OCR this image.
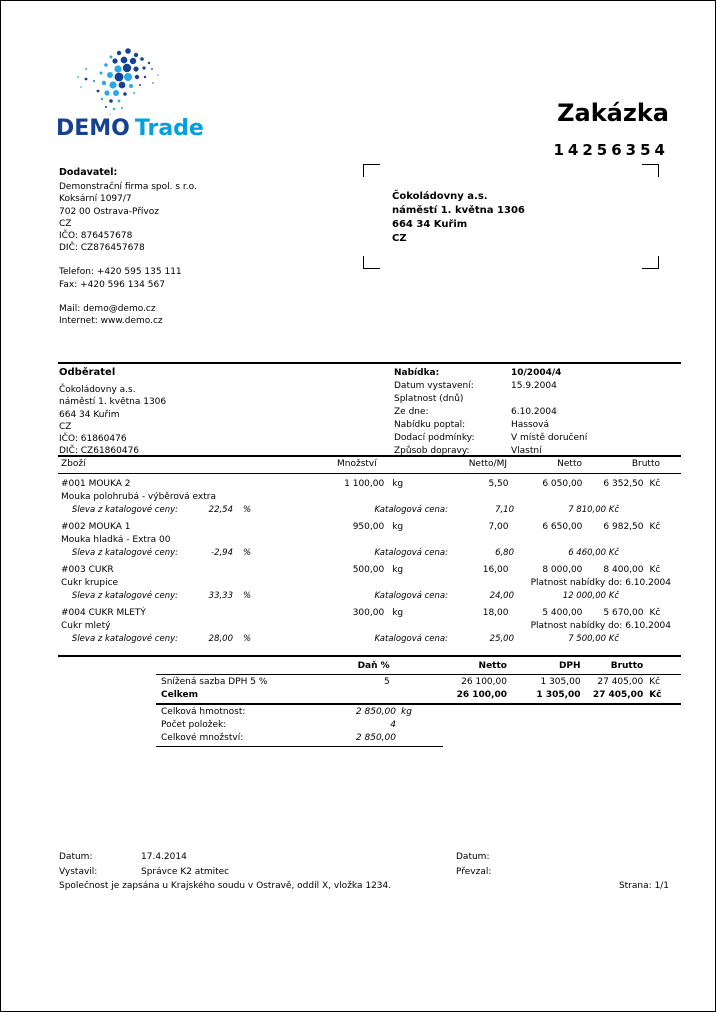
DEMO Trade
Zakázka
14256354
Čokoládovny a.s.
náměstí 1. května 1306
664 34 Kuřim
CZ
Dodavatel:
Demonstrační firma spol. s r.o.
Koksární 1097/7
702 00 Ostrava-Přívoz
CZ
IČO: 876457678
DIČ: CZ876457678
Telefon: +420 595 135 111
Fax: +420 596 134 567
Mail: demo@demo.cz
Internet: www.demo.cz
Odběratel
Čokoládovny a.s.
náměstí 1. května 1306
664 34 Kuřim
CZ
IČO: 61860476
DIČ: CZ61860476
Nabídka:	10/2004/4
Datum vystavení:	15.9.2004
Splatnost (dnů)
Ze dne:	6.10.2004
Nabídku poptal:	Hassová
Dodací podmínky:	V místě doručení
Způsob dopravy:	Vlastní
Zboží	Množství	Netto/MJ	Netto	Brutto
#001 MOUKA 2	1 100,00 kg	5,50	6 050,00	6 352,50 Kč
Mouka polohrubá - výběrová extra
Sleva z katalogové ceny:	22,54	%	Katalogová cena:	7,10	7 810,00 Kč
#002 MOUKA 1	950,00 kg	7,00	6 650,00	6 982,50 Kč
Mouka hladká - Extra 00
Sleva z katalogové ceny:	-2,94	%	Katalogová cena:	6,80	6 460,00 Kč
#003 CUKR	500,00 kg	16,00	8 000,00	8 400,00 Kč
Cukr krupice	Platnost nabídky do: 6.10.2004
Sleva z katalogové ceny:	33,33	%	Katalogová cena:	24,00	12 000,00 Kč
#004 CUKR MLETÝ	300,00 kg	18,00	5 400,00	5 670,00 Kč
Cukr mletý	Platnost nabídky do: 6.10.2004
Sleva z katalogové ceny:	28,00	%	Katalogová cena:	25,00	7 500,00 Kč
Daň %	Netto	DPH	Brutto
Snížená sazba DPH 5 %	5	26 100,00	1 305,00	27 405,00 Kč
Celkem	26 100,00	1 305,00	27 405,00 Kč
Celková hmotnost:	2 850,00 kg
Počet položek:	4
Celkové množství:	2 850,00
Datum:	17.4.2014	Datum:
Vystavil:	Správce K2 atmitec	Převzal:
Společnost je zapsána u Krajského soudu v Ostravě, oddíl X, vložka 1234.	Strana: 1/1
